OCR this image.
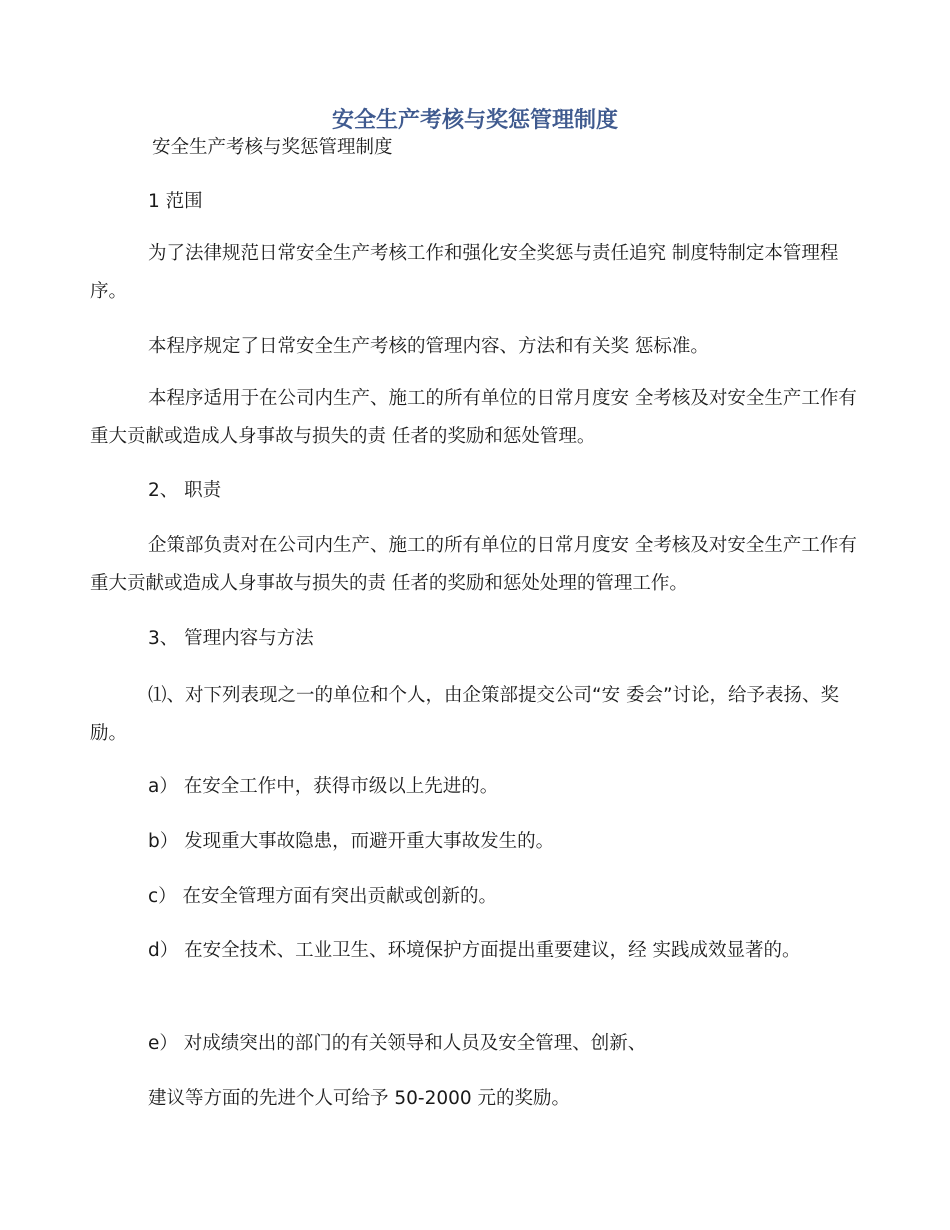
安全生产考核与奖惩管理制度
安全生产考核与奖惩管理制度
1 范围
为了法律规范日常安全生产考核工作和强化安全奖惩与责任追究 制度特制定本管理程序。
本程序规定了日常安全生产考核的管理内容、方法和有关奖 惩标准。
本程序适用于在公司内生产、施工的所有单位的日常月度安 全考核及对安全生产工作有重大贡献或造成人身事故与损失的责 任者的奖励和惩处管理。
2、 职责
企策部负责对在公司内生产、施工的所有单位的日常月度安 全考核及对安全生产工作有重大贡献或造成人身事故与损失的责 任者的奖励和惩处处理的管理工作。
3、 管理内容与方法
⑴、对下列表现之一的单位和个人，由企策部提交公司“安 委会”讨论，给予表扬、奖励。
a） 在安全工作中，获得市级以上先进的。
b） 发现重大事故隐患，而避开重大事故发生的。
c） 在安全管理方面有突出贡献或创新的。
d） 在安全技术、工业卫生、环境保护方面提出重要建议，经 实践成效显著的。
e） 对成绩突出的部门的有关领导和人员及安全管理、创新、
建议等方面的先进个人可给予 50-2000 元的奖励。
